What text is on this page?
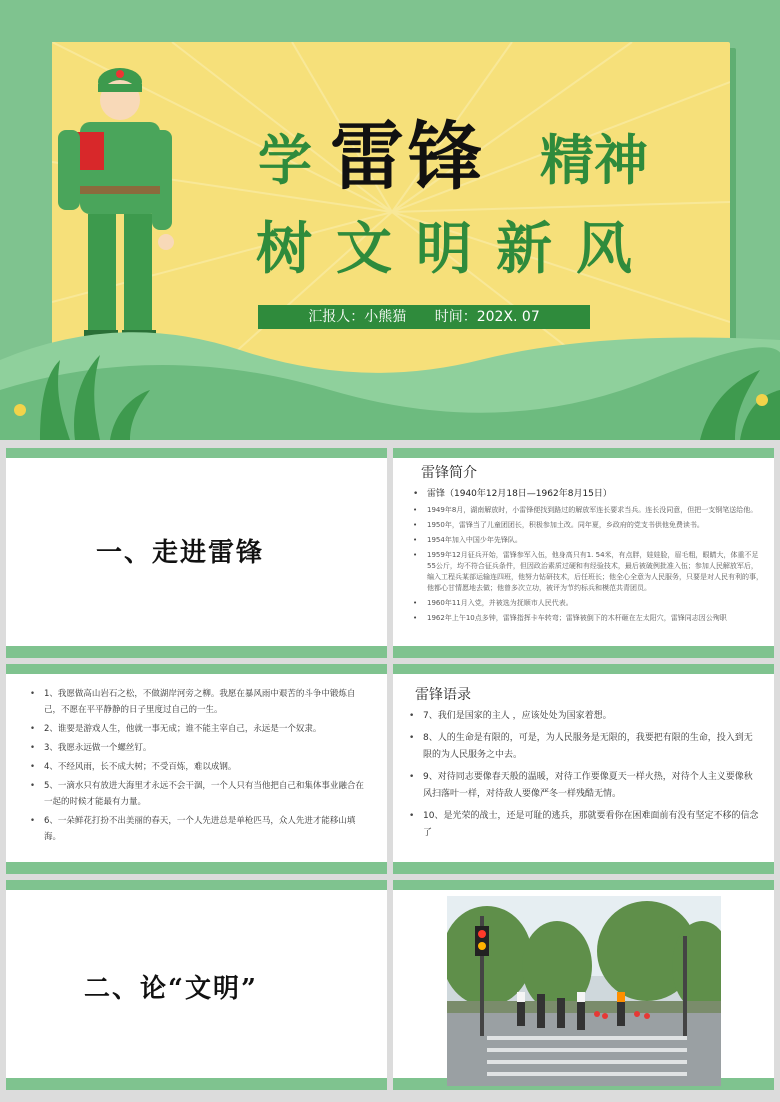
学 雷锋 精神
树文明新风
汇报人：小熊猫 时间：202X. 07
一、走进雷锋
雷锋简介
• 雷锋（1940年12月18日—1962年8月15日）
• 1949年8月，湖南解放时，小雷锋便找到路过的解放军连长要求当兵。连长没同意，但把一支钢笔送给他。
• 1950年，雷锋当了儿童团团长，积极参加土改。同年夏，乡政府的党支书供他免费读书。
• 1954年加入中国少年先锋队。
• 1959年12月征兵开始，雷锋参军入伍，他身高只有1. 54米，有点胖，娃娃脸，眉毛粗，眼睛大，体重不足55公斤，均不符合征兵条件，但因政治素质过硬和有经验技术，最后被破例批准入伍；参加人民解放军后，编入工程兵某部运输连四班，他努力钻研技术，后任班长；他全心全意为人民服务，只要是对人民有利的事，他都心甘情愿地去做；他曾多次立功，被评为节约标兵和模范共青团员。
• 1960年11月入党，并被选为抚顺市人民代表。
• 1962年上午10点多钟，雷锋指挥卡车转弯；雷锋被倒下的木杆砸在左太阳穴，雷锋同志因公殉职
• 1、我愿做高山岩石之松，不做湖岸河旁之柳。我愿在暴风雨中艰苦的斗争中锻炼自己，不愿在平平静静的日子里度过自己的一生。
• 2、谁要是游戏人生，他就一事无成；谁不能主宰自己，永远是一个奴隶。
• 3、我愿永远做一个螺丝钉。
• 4、不经风雨，长不成大树；不受百炼，难以成钢。
• 5、一滴水只有放进大海里才永远不会干涸，一个人只有当他把自己和集体事业融合在一起的时候才能最有力量。
• 6、一朵鲜花打扮不出美丽的春天，一个人先进总是单枪匹马，众人先进才能移山填海。
雷锋语录
• 7、我们是国家的主人 ，应该处处为国家着想。
• 8、人的生命是有限的，可是，为人民服务是无限的，我要把有限的生命，投入到无限的为人民服务之中去。
• 9、对待同志要像春天般的温暖，对待工作要像夏天一样火热，对待个人主义要像秋风扫落叶一样，对待敌人要像严冬一样残酷无情。
• 10、是光荣的战士，还是可耻的逃兵，那就要看你在困难面前有没有坚定不移的信念了
二、论“文明”
